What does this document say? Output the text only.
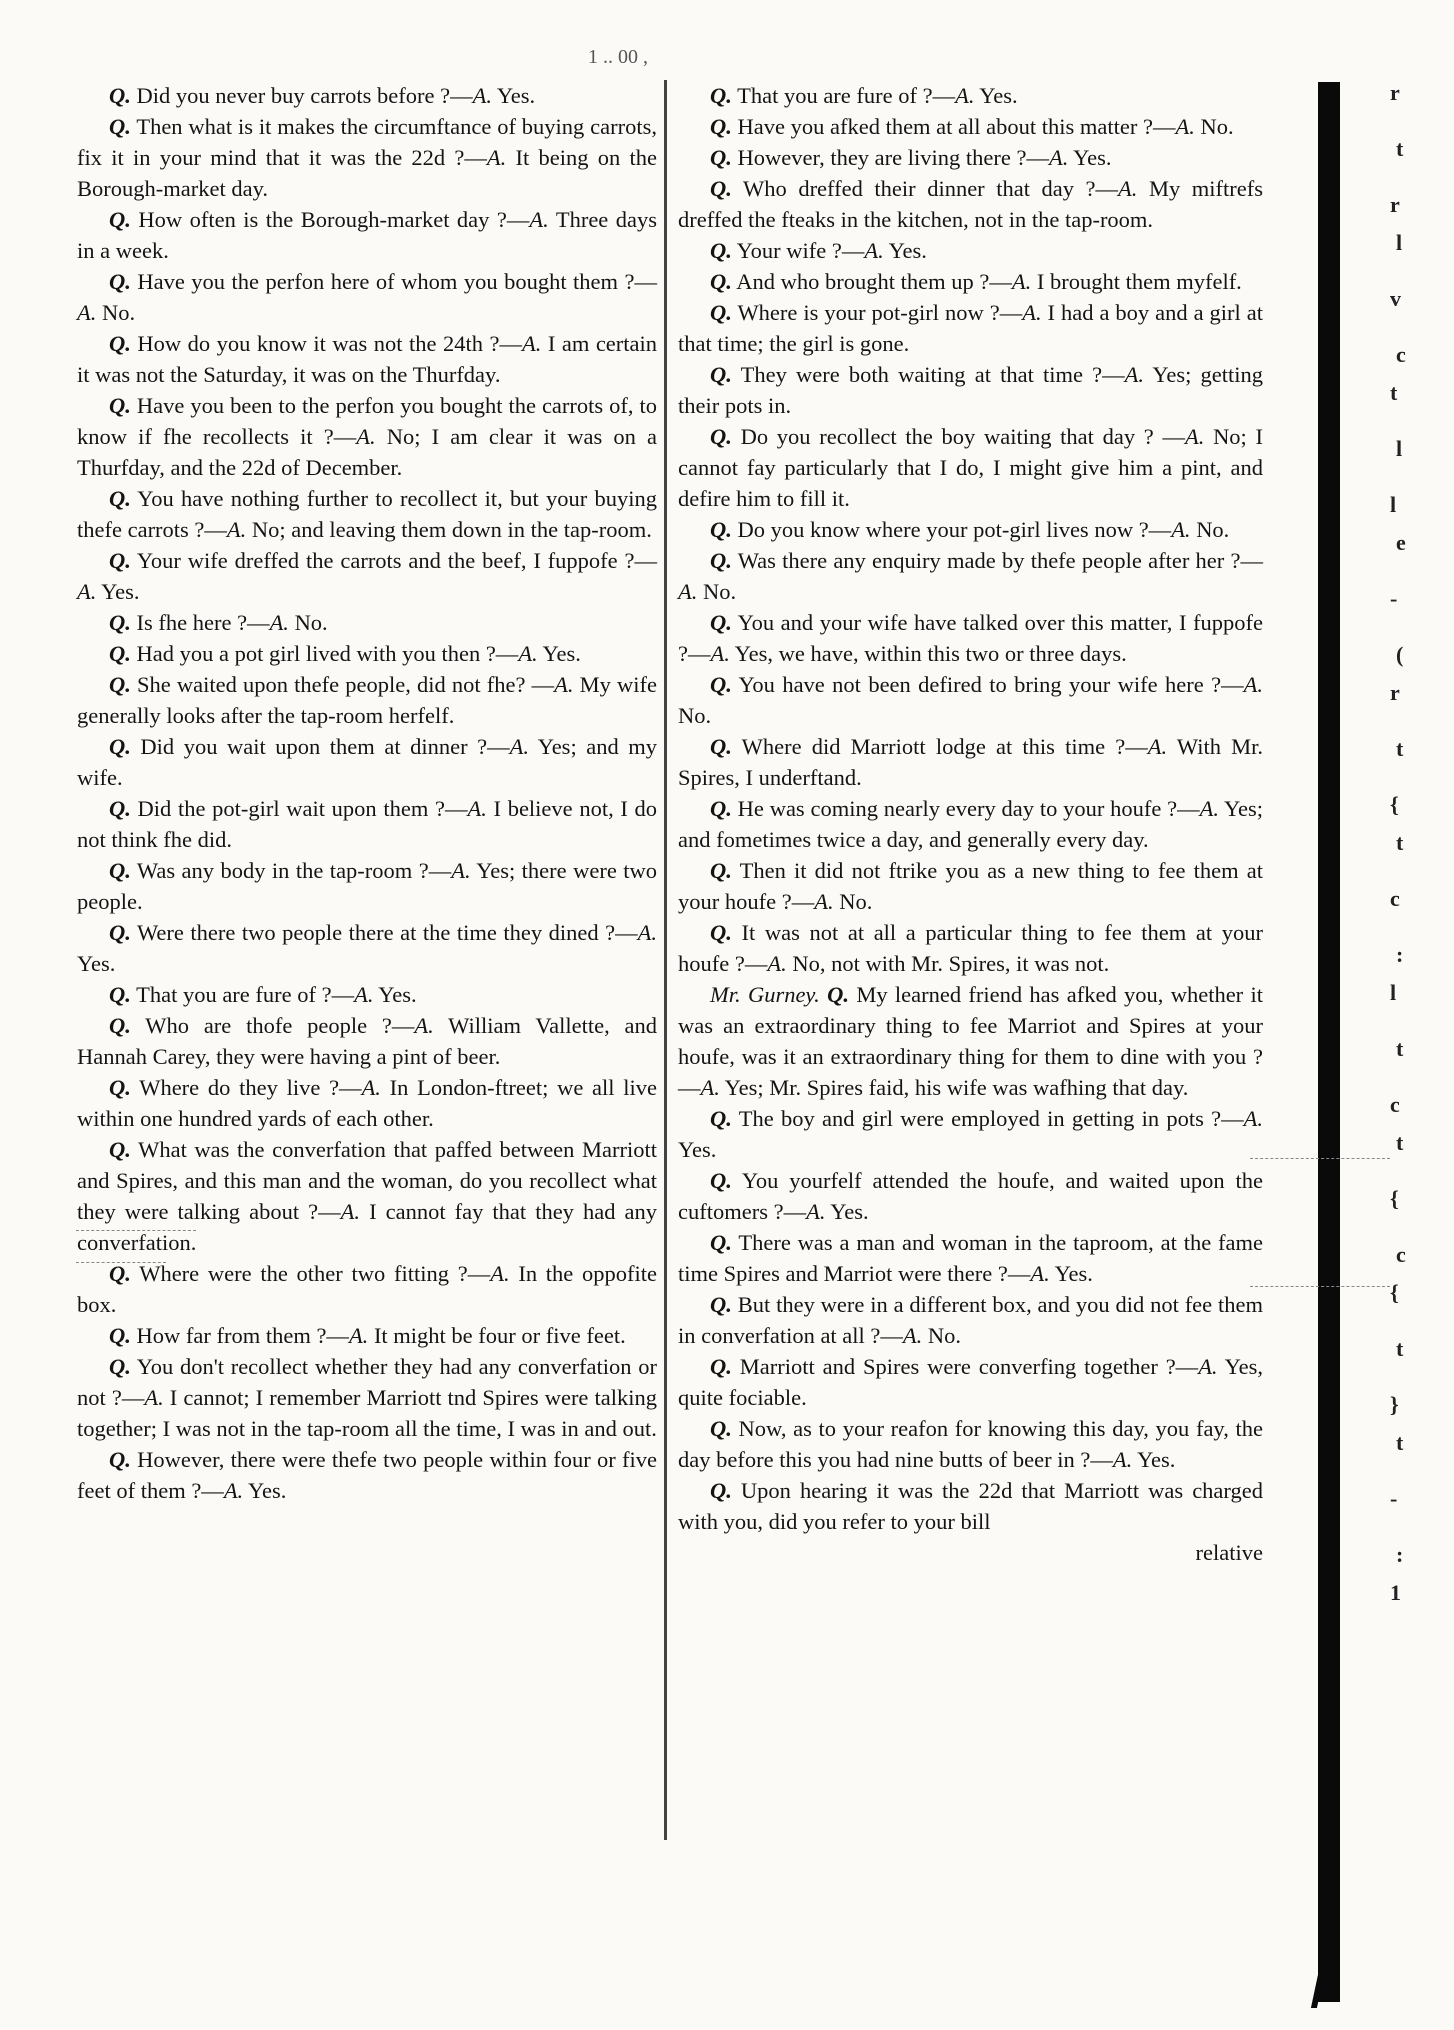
1 .. 00 ,

Q. Did you never buy carrots before ?—A. Yes.

Q. Then what is it makes the circumftance of buying carrots, fix it in your mind that it was the 22d ?—A. It being on the Borough-market day.

Q. How often is the Borough-market day ?—A. Three days in a week.

Q. Have you the perfon here of whom you bought them ?—A. No.

Q. How do you know it was not the 24th ?—A. I am certain it was not the Saturday, it was on the Thurfday.

Q. Have you been to the perfon you bought the carrots of, to know if fhe recollects it ?—A. No; I am clear it was on a Thurfday, and the 22d of December.

Q. You have nothing further to recollect it, but your buying thefe carrots ?—A. No; and leaving them down in the tap-room.

Q. Your wife dreffed the carrots and the beef, I fuppofe ?—A. Yes.

Q. Is fhe here ?—A. No.

Q. Had you a pot girl lived with you then ?—A. Yes.

Q. She waited upon thefe people, did not fhe? —A. My wife generally looks after the tap-room herfelf.

Q. Did you wait upon them at dinner ?—A. Yes; and my wife.

Q. Did the pot-girl wait upon them ?—A. I believe not, I do not think fhe did.

Q. Was any body in the tap-room ?—A. Yes; there were two people.

Q. Were there two people there at the time they dined ?—A. Yes.

Q. That you are fure of ?—A. Yes.

Q. Who are thofe people ?—A. William Vallette, and Hannah Carey, they were having a pint of beer.

Q. Where do they live ?—A. In London-ftreet; we all live within one hundred yards of each other.

Q. What was the converfation that paffed between Marriott and Spires, and this man and the woman, do you recollect what they were talking about ?—A. I cannot fay that they had any converfation.

Q. Where were the other two fitting ?—A. In the oppofite box.

Q. How far from them ?—A. It might be four or five feet.

Q. You don't recollect whether they had any converfation or not ?—A. I cannot; I remember Marriott tnd Spires were talking together; I was not in the tap-room all the time, I was in and out.

Q. However, there were thefe two people within four or five feet of them ?—A. Yes.

Q. That you are fure of ?—A. Yes.

Q. Have you afked them at all about this matter ?—A. No.

Q. However, they are living there ?—A. Yes.

Q. Who dreffed their dinner that day ?—A. My miftrefs dreffed the fteaks in the kitchen, not in the tap-room.

Q. Your wife ?—A. Yes.

Q. And who brought them up ?—A. I brought them myfelf.

Q. Where is your pot-girl now ?—A. I had a boy and a girl at that time; the girl is gone.

Q. They were both waiting at that time ?—A. Yes; getting their pots in.

Q. Do you recollect the boy waiting that day ? —A. No; I cannot fay particularly that I do, I might give him a pint, and defire him to fill it.

Q. Do you know where your pot-girl lives now ?—A. No.

Q. Was there any enquiry made by thefe people after her ?—A. No.

Q. You and your wife have talked over this matter, I fuppofe ?—A. Yes, we have, within this two or three days.

Q. You have not been defired to bring your wife here ?—A. No.

Q. Where did Marriott lodge at this time ?—A. With Mr. Spires, I underftand.

Q. He was coming nearly every day to your houfe ?—A. Yes; and fometimes twice a day, and generally every day.

Q. Then it did not ftrike you as a new thing to fee them at your houfe ?—A. No.

Q. It was not at all a particular thing to fee them at your houfe ?—A. No, not with Mr. Spires, it was not.

Mr. Gurney. Q. My learned friend has afked you, whether it was an extraordinary thing to fee Marriot and Spires at your houfe, was it an extraordinary thing for them to dine with you ?—A. Yes; Mr. Spires faid, his wife was wafhing that day.

Q. The boy and girl were employed in getting in pots ?—A. Yes.

Q. You yourfelf attended the houfe, and waited upon the cuftomers ?—A. Yes.

Q. There was a man and woman in the taproom, at the fame time Spires and Marriot were there ?—A. Yes.

Q. But they were in a different box, and you did not fee them in converfation at all ?—A. No.

Q. Marriott and Spires were converfing together ?—A. Yes, quite fociable.

Q. Now, as to your reafon for knowing this day, you fay, the day before this you had nine butts of beer in ?—A. Yes.

Q. Upon hearing it was the 22d that Marriott was charged with you, did you refer to your bill

relative

r
t
r
l
v
c
t
l
l
e
-
(
r
t
{
t
c
:
l
t
c
t
{
c
{
t
}
t
-
:
1
